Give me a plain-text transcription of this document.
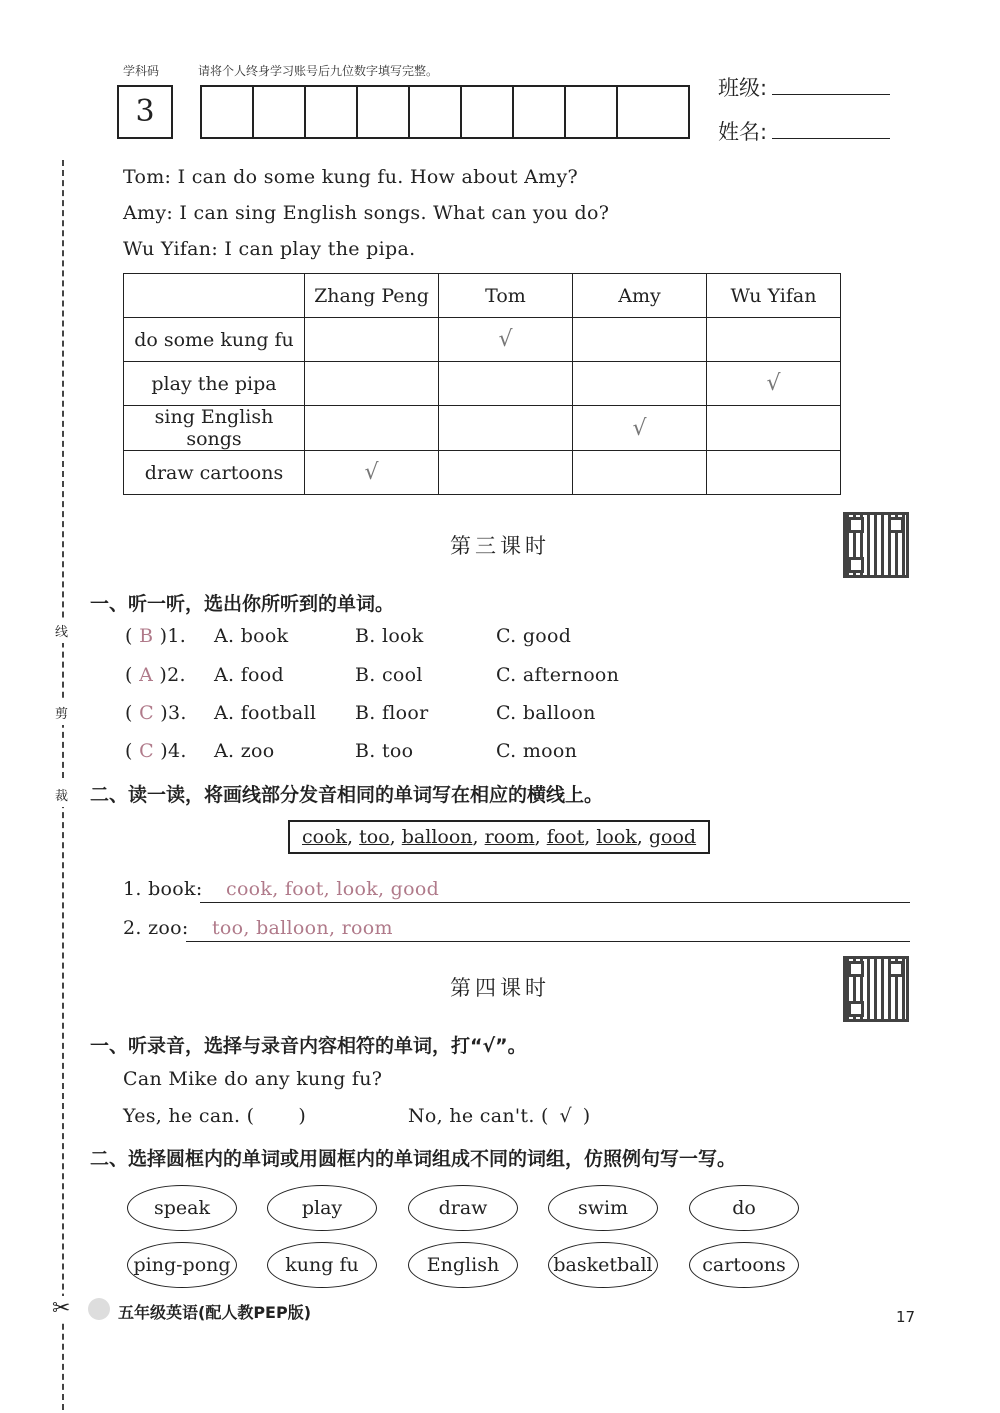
学科码	请将个人终身学习账号后九位数字填写完整。
3
班级:
姓名:
Tom: I can do some kung fu. How about Amy?
Amy: I can sing English songs. What can you do?
Wu Yifan: I can play the pipa.
	Zhang Peng	Tom	Amy	Wu Yifan
do some kung fu		√		
play the pipa				√
sing English songs			√	
draw cartoons	√			
第三课时
一、听一听，选出你所听到的单词。
( B )1. A. book	B. look	C. good
( A )2. A. food	B. cool	C. afternoon
( C )3. A. football B. floor	C. balloon
( C )4. A. zoo	B. too	C. moon
二、读一读，将画线部分发音相同的单词写在相应的横线上。
cook, too, balloon, room, foot, look, good
1. book: cook, foot, look, good
2. zoo: too, balloon, room
第四课时
一、听录音，选择与录音内容相符的单词，打“√”。
Can Mike do any kung fu?
Yes, he can. ( )	No, he can't. ( √ )
二、选择圆框内的单词或用圆框内的单词组成不同的词组，仿照例句写一写。
speak	play	draw	swim	do
ping-pong	kung fu	English	basketball	cartoons
线
剪
裁
✂	五年级英语(配人教PEP版)	17
